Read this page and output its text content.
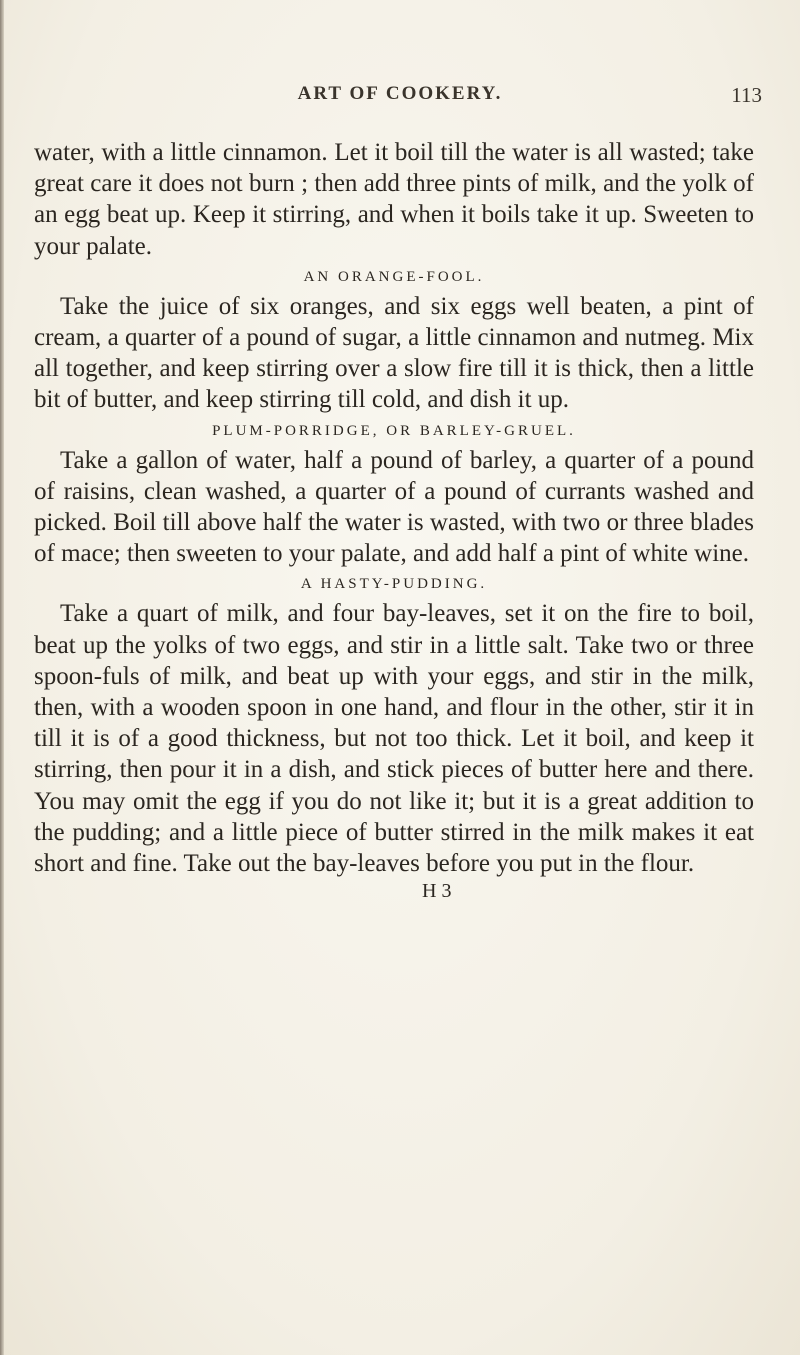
ART OF COOKERY.	113

water, with a little cinnamon. Let it boil till the water is all wasted; take great care it does not burn ; then add three pints of milk, and the yolk of an egg beat up. Keep it stirring, and when it boils take it up. Sweeten to your palate.

AN ORANGE-FOOL.

Take the juice of six oranges, and six eggs well beaten, a pint of cream, a quarter of a pound of sugar, a little cinnamon and nutmeg. Mix all together, and keep stirring over a slow fire till it is thick, then a little bit of butter, and keep stirring till cold, and dish it up.

PLUM-PORRIDGE, OR BARLEY-GRUEL.

Take a gallon of water, half a pound of barley, a quarter of a pound of raisins, clean washed, a quarter of a pound of currants washed and picked. Boil till above half the water is wasted, with two or three blades of mace; then sweeten to your palate, and add half a pint of white wine.

A HASTY-PUDDING.

Take a quart of milk, and four bay-leaves, set it on the fire to boil, beat up the yolks of two eggs, and stir in a little salt. Take two or three spoon-fuls of milk, and beat up with your eggs, and stir in the milk, then, with a wooden spoon in one hand, and flour in the other, stir it in till it is of a good thickness, but not too thick. Let it boil, and keep it stirring, then pour it in a dish, and stick pieces of butter here and there. You may omit the egg if you do not like it; but it is a great addition to the pudding; and a little piece of butter stirred in the milk makes it eat short and fine. Take out the bay-leaves before you put in the flour.

H 3
